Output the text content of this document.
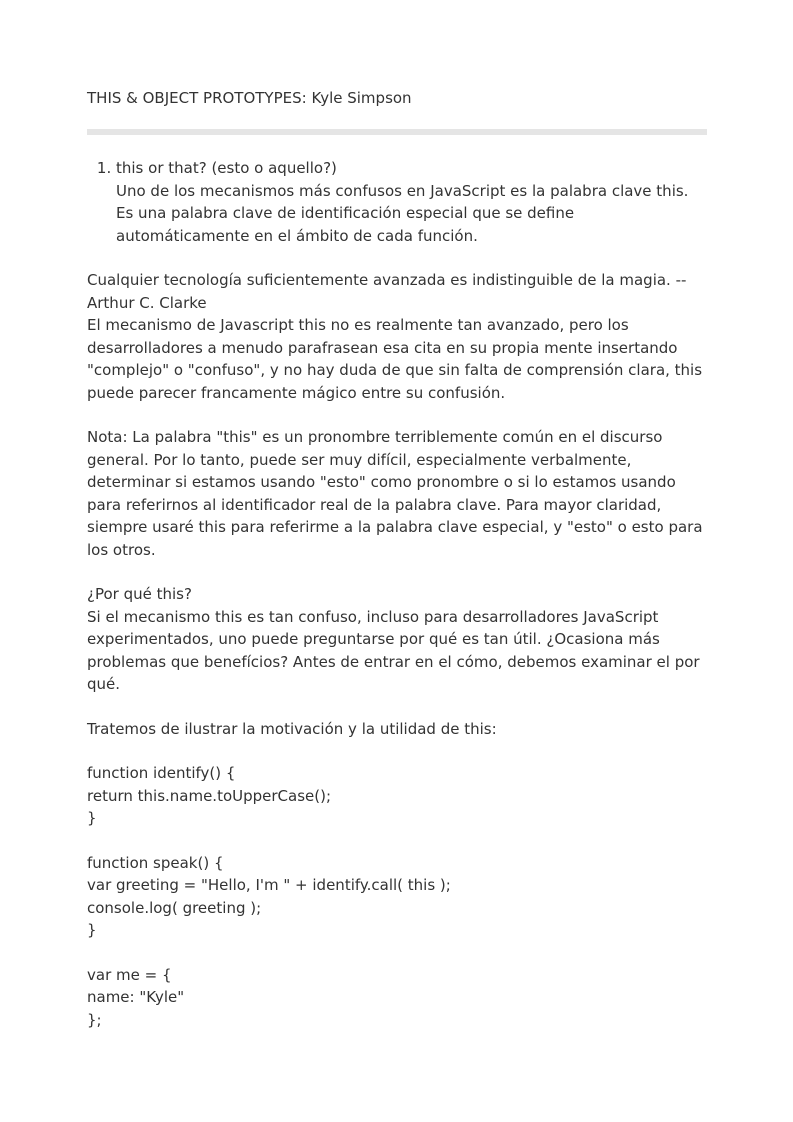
THIS & OBJECT PROTOTYPES: Kyle Simpson
1. this or that? (esto o aquello?)
Uno de los mecanismos más confusos en JavaScript es la palabra clave this. Es una palabra clave de identificación especial que se define automáticamente en el ámbito de cada función.

Cualquier tecnología suficientemente avanzada es indistinguible de la magia. -- Arthur C. Clarke

El mecanismo de Javascript this no es realmente tan avanzado, pero los desarrolladores a menudo parafrasean esa cita en su propia mente insertando "complejo" o "confuso", y no hay duda de que sin falta de comprensión clara, this puede parecer francamente mágico entre su confusión.

Nota: La palabra "this" es un pronombre terriblemente común en el discurso general. Por lo tanto, puede ser muy difícil, especialmente verbalmente, determinar si estamos usando "esto" como pronombre o si lo estamos usando para referirnos al identificador real de la palabra clave. Para mayor claridad, siempre usaré this para referirme a la palabra clave especial, y "esto" o esto para los otros.

¿Por qué this?

Si el mecanismo this es tan confuso, incluso para desarrolladores JavaScript experimentados, uno puede preguntarse por qué es tan útil. ¿Ocasiona más problemas que benefícios? Antes de entrar en el cómo, debemos examinar el por qué.

Tratemos de ilustrar la motivación y la utilidad de this:

function identify() {

return this.name.toUpperCase();

}

function speak() {

var greeting = "Hello, I'm " + identify.call( this );

console.log( greeting );

}

var me = {

name: "Kyle"

};
